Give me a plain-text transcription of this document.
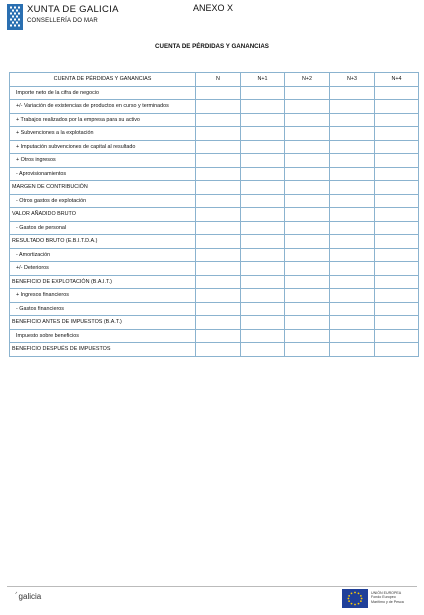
XUNTA DE GALICIA
CONSELLERÍA DO MAR
ANEXO X
CUENTA DE PÉRDIDAS Y GANANCIAS
CUENTA DE PÉRDIDAS Y GANANCIAS	N	N+1	N+2	N+3	N+4
Importe neto de la cifra de negocio					
+/- Variación de existencias de productos en curso y terminados					
+ Trabajos realizados por la empresa para su activo					
+ Subvenciones a la explotación					
+ Imputación subvenciones de capital al resultado					
+ Otros ingresos					
- Aprovisionamientos					
MARGEN DE CONTRIBUCIÓN					
- Otros gastos de explotación					
VALOR AÑADIDO BRUTO					
- Gastos de personal					
RESULTADO BRUTO (E.B.I.T.D.A.)					
- Amortización					
+/- Deterioros					
BENEFICIO DE EXPLOTACIÓN (B.A.I.T.)					
+ Ingresos financieros					
- Gastos financieros					
BENEFICIO ANTES DE IMPUESTOS (B.A.T.)					
Impuesto sobre beneficios					
BENEFICIO DESPUÉS DE IMPUESTOS					
$^ᐟ$galicia	UNIÓN EUROPEA
Fondo Europeo
Marítimo y de Pesca
